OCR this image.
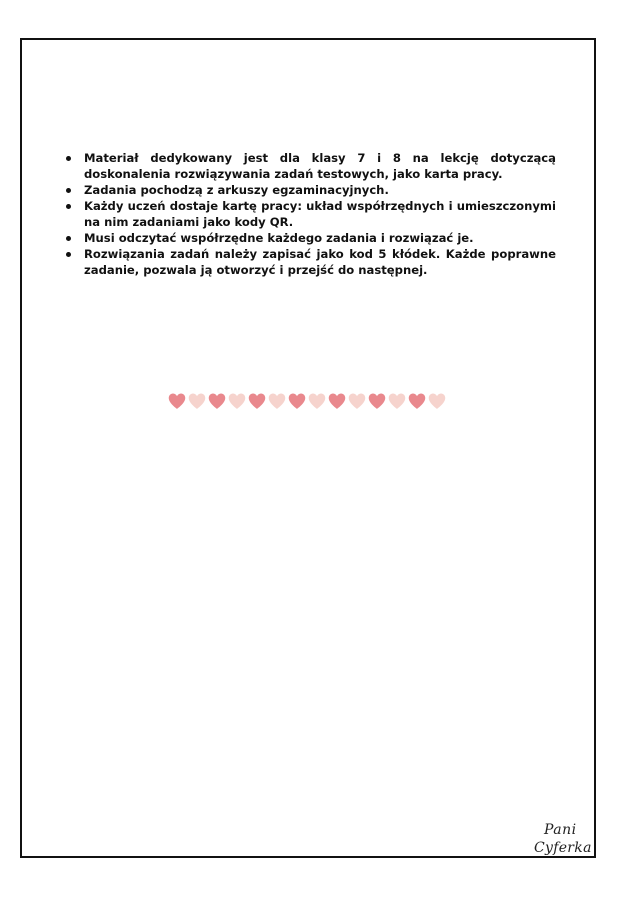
Materiał dedykowany jest dla klasy 7 i 8 na lekcję dotyczącą doskonalenia rozwiązywania zadań testowych, jako karta pracy.
Zadania pochodzą z arkuszy egzaminacyjnych.
Każdy uczeń dostaje kartę pracy: układ współrzędnych i umieszczonymi na nim zadaniami jako kody QR.
Musi odczytać współrzędne każdego zadania i rozwiązać je.
Rozwiązania zadań należy zapisać jako kod 5 kłódek. Każde poprawne zadanie, pozwala ją otworzyć i przejść do następnej.
Pani
Cyferka
